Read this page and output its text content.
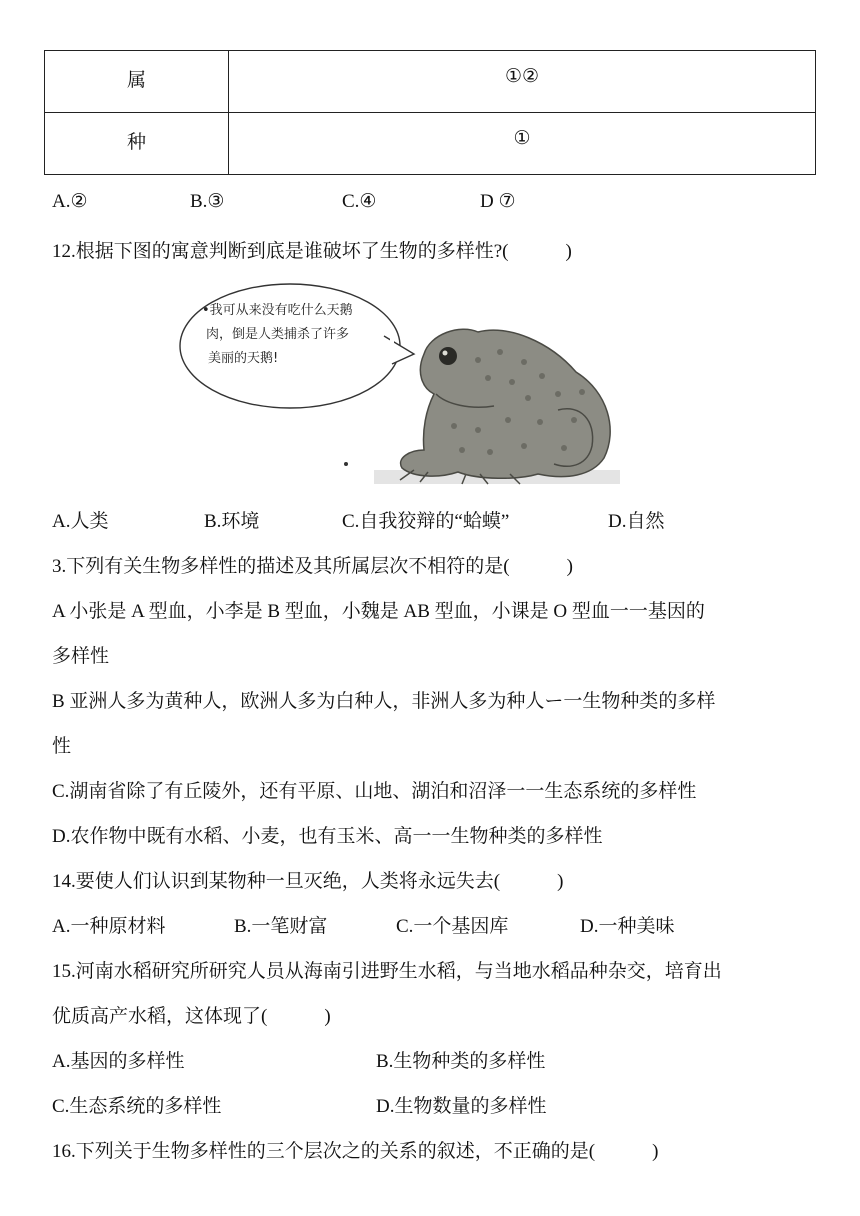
属	①②
种	①
A.②	B.③	C.④	D ⑦
12.根据下图的寓意判断到底是谁破坏了生物的多样性?(　　　)
•我可从来没有吃什么天鹅
肉，倒是人类捕杀了许多
美丽的天鹅!
A.人类	B.环境	C.自我狡辩的“蛤蟆”	D.自然
3.下列有关生物多样性的描述及其所属层次不相符的是(　　　)
A 小张是 A 型血，小李是 B 型血，小魏是 AB 型血，小课是 O 型血一一基因的
多样性
B 亚洲人多为黄种人，欧洲人多为白种人，非洲人多为种人ー一生物种类的多样
性
C.湖南省除了有丘陵外，还有平原、山地、湖泊和沼泽一一生态系统的多样性
D.农作物中既有水稻、小麦，也有玉米、高一一生物种类的多样性
14.要使人们认识到某物种一旦灭绝，人类将永远失去(　　　)
A.一种原材料	B.一笔财富	C.一个基因库	D.一种美味
15.河南水稻研究所研究人员从海南引进野生水稻，与当地水稻品种杂交，培育出
优质高产水稻，这体现了(　　　)
A.基因的多样性	B.生物种类的多样性
C.生态系统的多样性	D.生物数量的多样性
16.下列关于生物多样性的三个层次之的关系的叙述，不正确的是(　　　)
